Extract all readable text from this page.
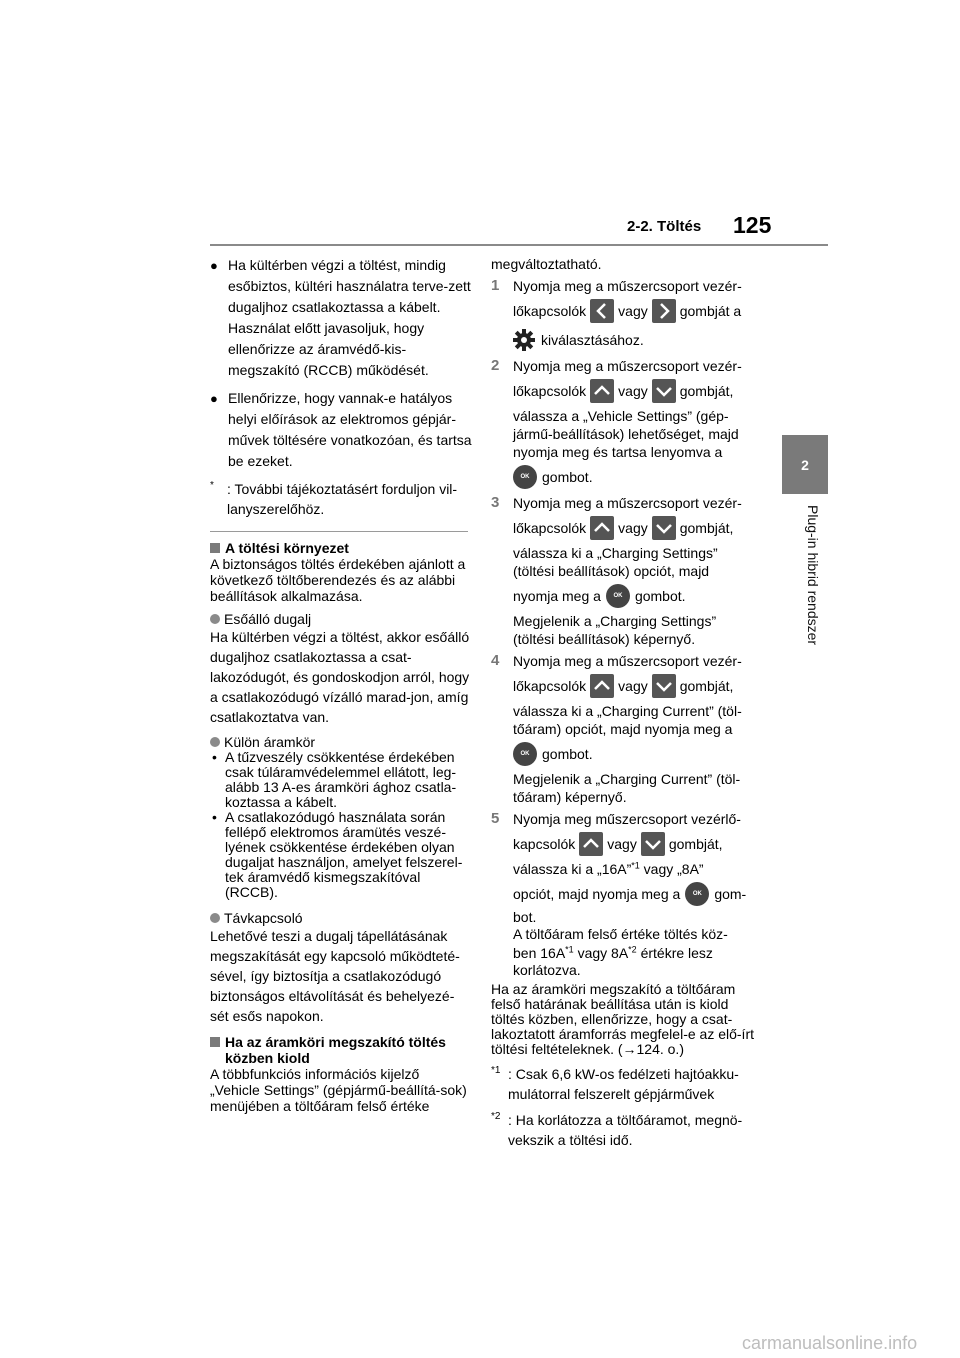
2-2. Töltés 125
2
Plug-in hibrid rendszer
● Ha kültérben végzi a töltést, mindig esőbiztos, kültéri használatra terve-zett dugaljhoz csatlakoztassa a kábelt. Használat előtt javasoljuk, hogy ellenőrizze az áramvédő-kis-megszakító (RCCB) működését.
● Ellenőrizze, hogy vannak-e hatályos helyi előírások az elektromos gépjár-művek töltésére vonatkozóan, és tartsa be ezeket.
* : További tájékoztatásért forduljon vil-lanyszerelőhöz.
A töltési környezet
A biztonságos töltés érdekében ajánlott a következő töltőberendezés és az alábbi beállítások alkalmazása.
Esőálló dugalj
Ha kültérben végzi a töltést, akkor esőálló dugaljhoz csatlakoztassa a csat-lakozódugót, és gondoskodjon arról, hogy a csatlakozódugó vízálló marad-jon, amíg csatlakoztatva van.
Külön áramkör
• A tűzveszély csökkentése érdekében csak túláramvédelemmel ellátott, leg-alább 13 A-es áramköri ághoz csatla-koztassa a kábelt.
• A csatlakozódugó használata során fellépő elektromos áramütés veszé-lyének csökkentése érdekében olyan dugaljat használjon, amelyet felszerel-tek áramvédő kismegszakítóval (RCCB).
Távkapcsoló
Lehetővé teszi a dugalj tápellátásának megszakítását egy kapcsoló működteté-sével, így biztosítja a csatlakozódugó biztonságos eltávolítását és behelyezé-sét esős napokon.
Ha az áramköri megszakító töltés közben kiold
A többfunkciós információs kijelző „Vehicle Settings” (gépjármű-beállítá-sok) menüjében a töltőáram felső értéke
megváltoztatható.
1 Nyomja meg a műszercsoport vezér-
lőkapcsolók vagy gombját a
kiválasztásához.
2 Nyomja meg a műszercsoport vezér-
lőkapcsolók vagy gombját,
válassza a „Vehicle Settings” (gép-jármű-beállítások) lehetőséget, majd nyomja meg és tartsa lenyomva a
OK gombot.
3 Nyomja meg a műszercsoport vezér-
lőkapcsolók vagy gombját,
válassza ki a „Charging Settings” (töltési beállítások) opciót, majd
nyomja meg a	OK gombot.
Megjelenik a „Charging Settings” (töltési beállítások) képernyő.
4 Nyomja meg a műszercsoport vezér-
lőkapcsolók vagy gombját,
válassza ki a „Charging Current” (töl-tőáram) opciót, majd nyomja meg a
OK gombot.
Megjelenik a „Charging Current” (töl-tőáram) képernyő.
5 Nyomja meg műszercsoport vezérlő-
kapcsolók vagy gombját,
válassza ki a „16A”$^{*1}$ vagy „8A”
opciót, majd nyomja meg a	OK gom-
bot.
A töltőáram felső értéke töltés köz-
ben $16A^{*1}$ vagy $8A^{*2}$ értékre lesz
korlátozva.
Ha az áramköri megszakító a töltőáram felső határának beállítása után is kiold töltés közben, ellenőrizze, hogy a csat-lakoztatott áramforrás megfelel-e az elő-írt töltési feltételeknek. (→124. o.)
*1 : Csak 6,6 kW-os fedélzeti hajtóakku-mulátorral felszerelt gépjárművek
*2 : Ha korlátozza a töltőáramot, megnö-vekszik a töltési idő.
carmanualsonline.info
